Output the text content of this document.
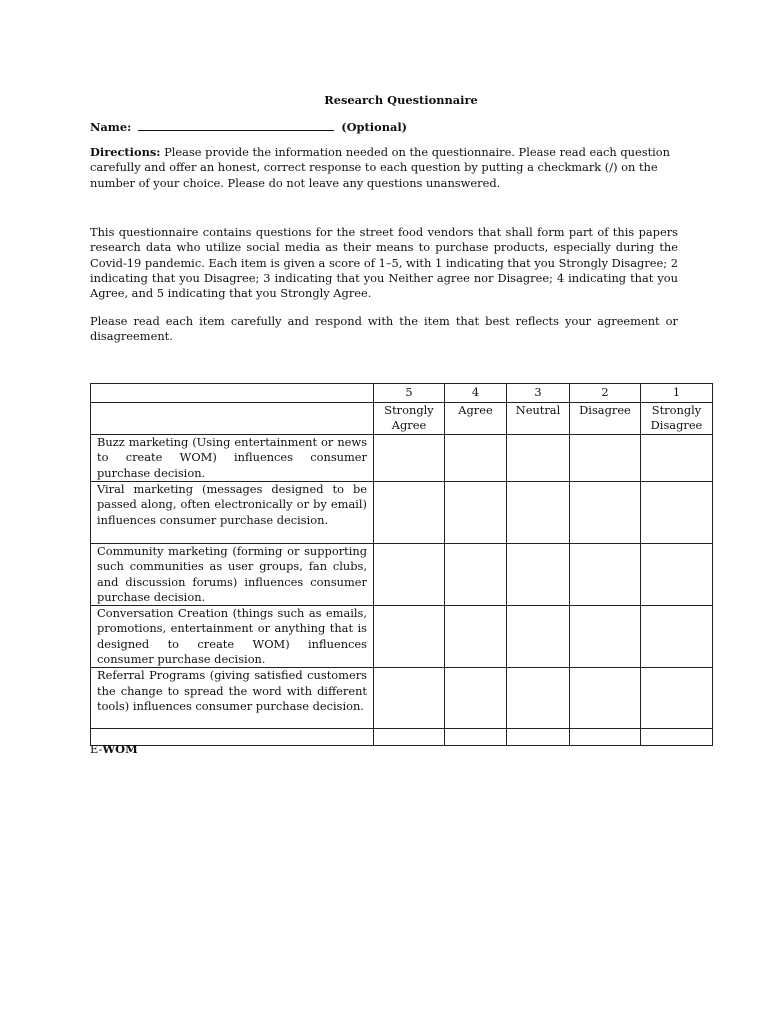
Research Questionnaire
Name:	(Optional)

Directions: Please provide the information needed on the questionnaire. Please read each question carefully and offer an honest, correct response to each question by putting a checkmark (/) on the number of your choice. Please do not leave any questions unanswered.

This questionnaire contains questions for the street food vendors that shall form part of this papers research data who utilize social media as their means to purchase products, especially during the Covid-19 pandemic. Each item is given a score of 1–5, with 1 indicating that you Strongly Disagree; 2 indicating that you Disagree; 3 indicating that you Neither agree nor Disagree; 4 indicating that you Agree, and 5 indicating that you Strongly Agree.

Please read each item carefully and respond with the item that best reflects your agreement or disagreement.

	5	4	3	2	1
	Strongly Agree	Agree	Neutral	Disagree	Strongly Disagree
Buzz marketing (Using entertainment or news to create WOM) influences consumer purchase decision.					
Viral marketing (messages designed to be passed along, often electronically or by email) influences consumer purchase decision.					
Community marketing (forming or supporting such communities as user groups, fan clubs, and discussion forums) influences consumer purchase decision.					
Conversation Creation (things such as emails, promotions, entertainment or anything that is designed to create WOM) influences consumer purchase decision.					
Referral Programs (giving satisfied customers the change to spread the word with different tools) influences consumer purchase decision.					

E-WOM
